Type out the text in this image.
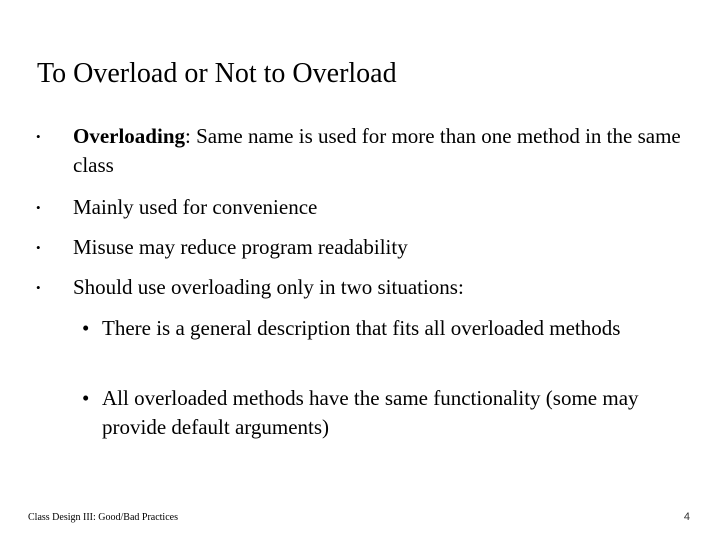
To Overload or Not to Overload
• Overloading: Same name is used for more than one method in the same class
• Mainly used for convenience
• Misuse may reduce program readability
• Should use overloading only in two situations:
• There is a general description that fits all overloaded methods
• All overloaded methods have the same functionality (some may provide default arguments)
Class Design III: Good/Bad Practices	4
